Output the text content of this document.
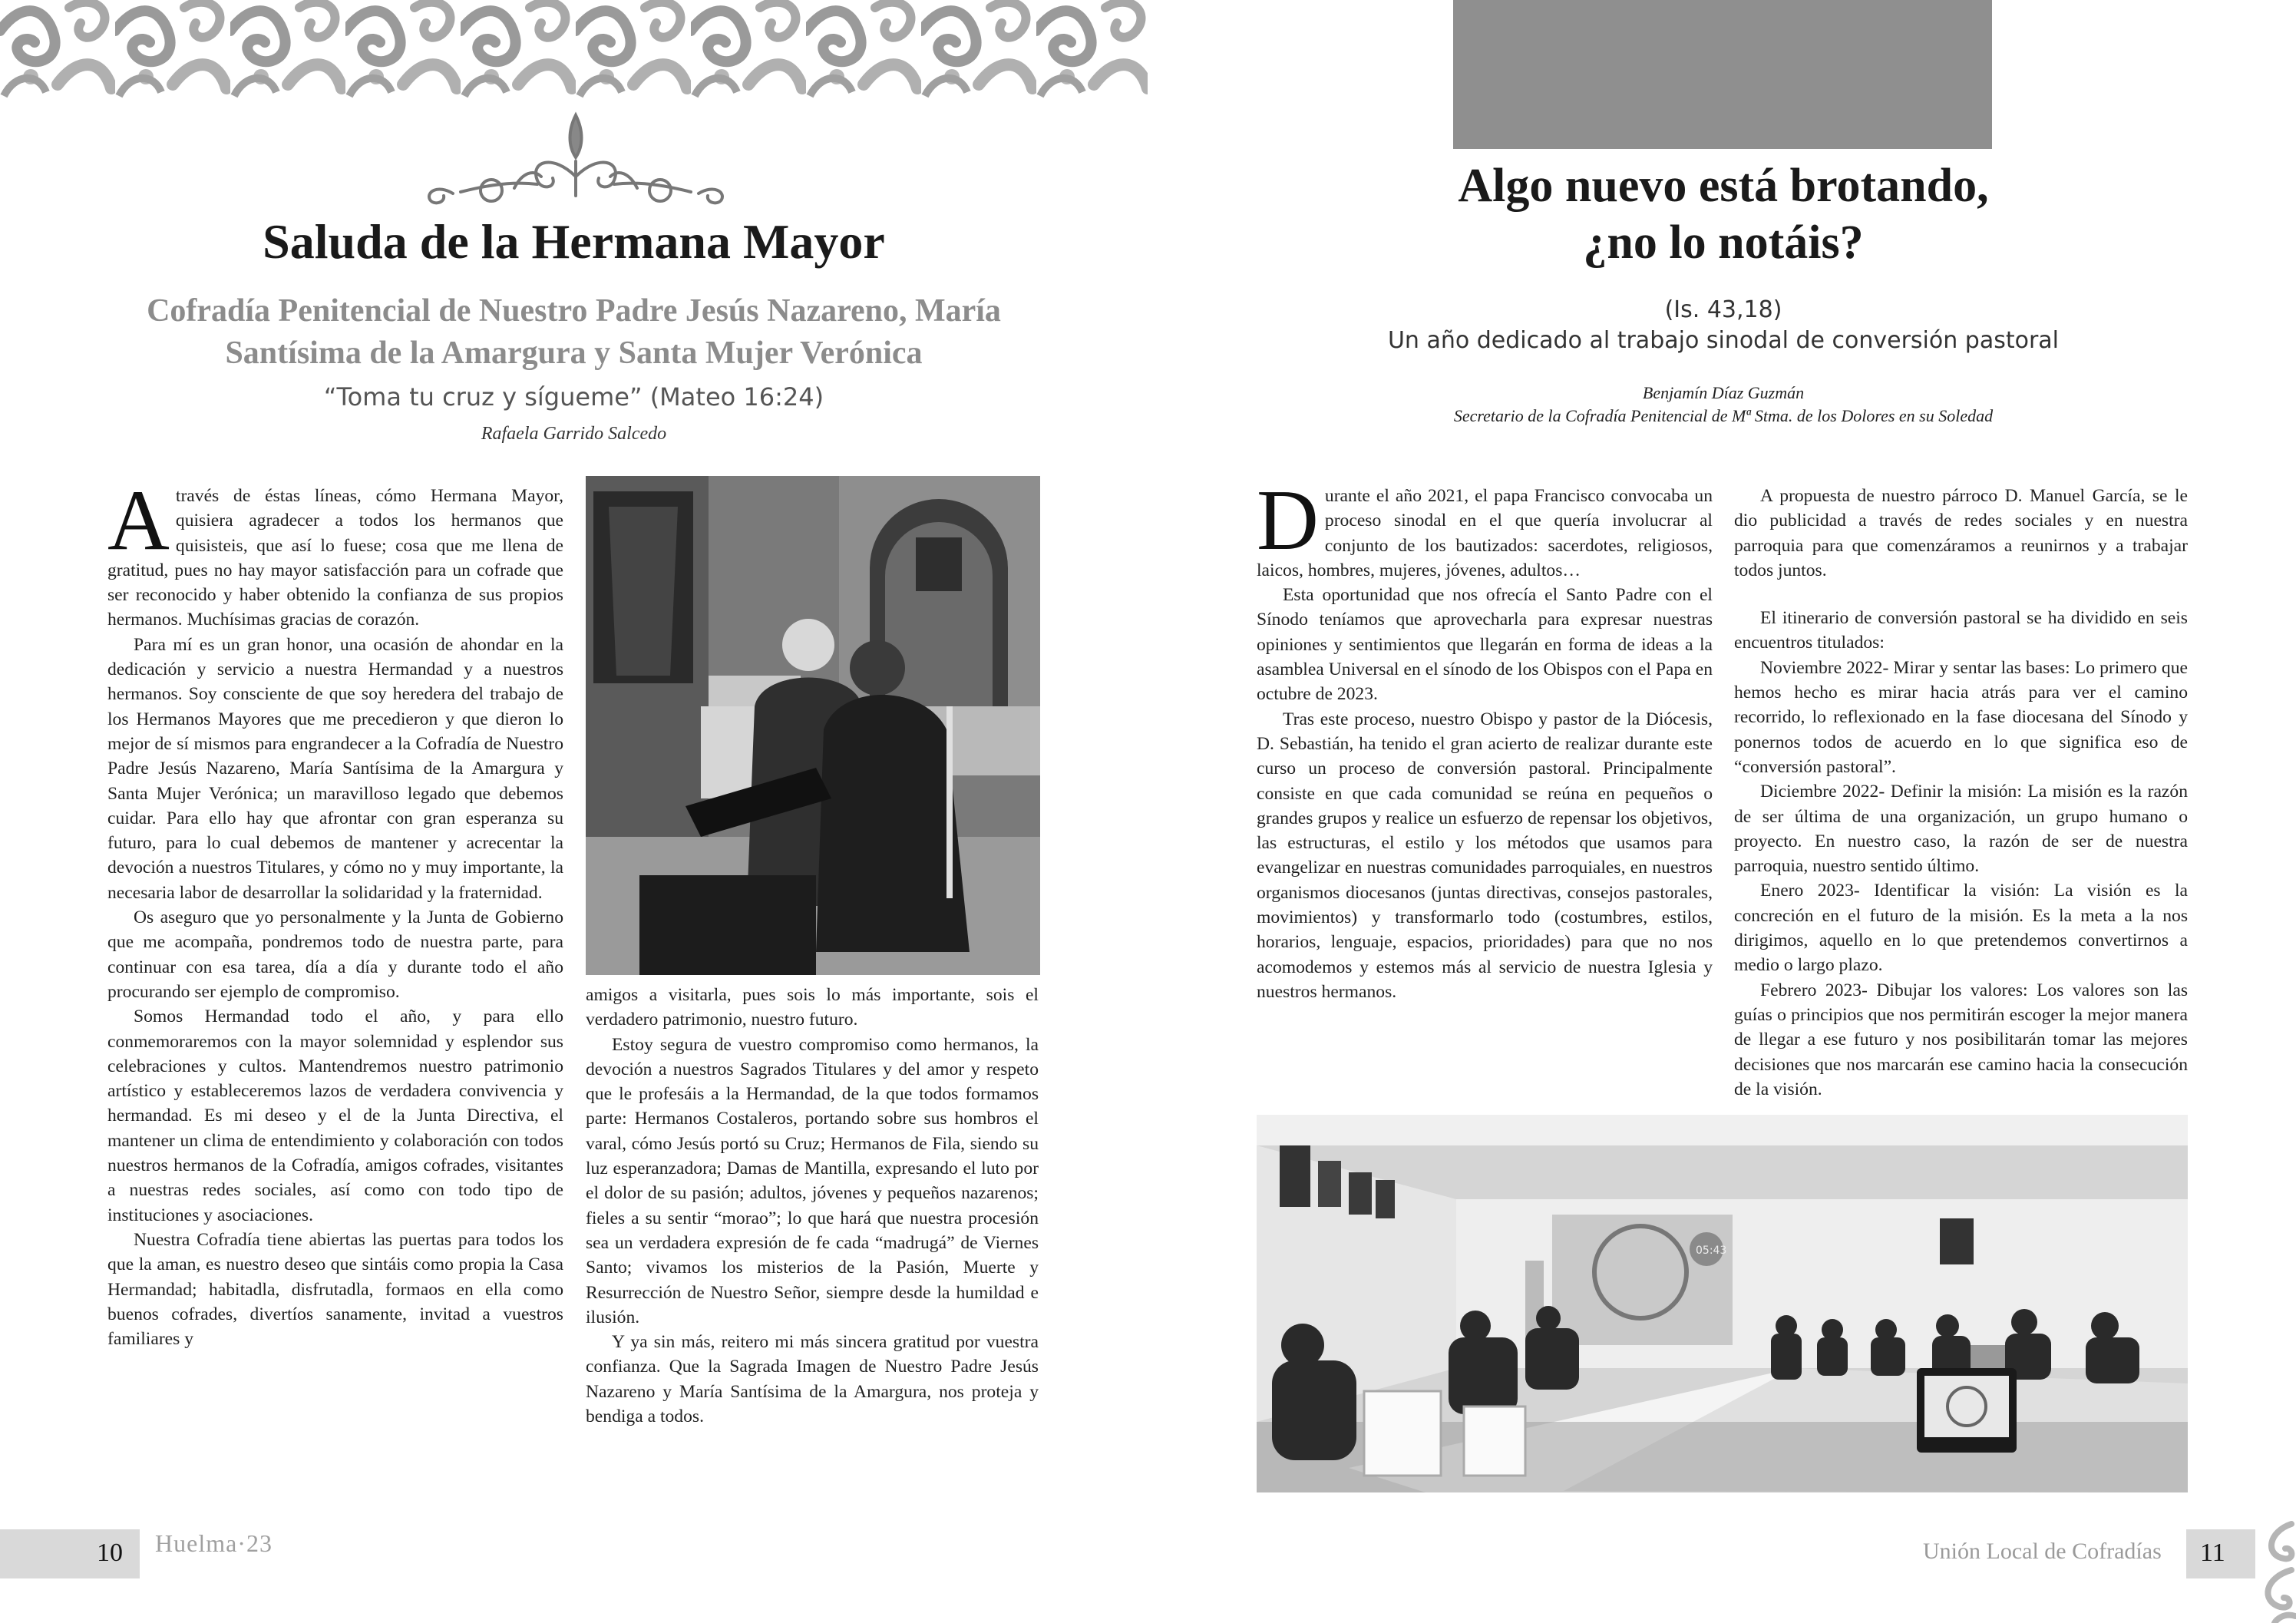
Saluda de la Hermana Mayor
Cofradía Penitencial de Nuestro Padre Jesús Nazareno, María
Santísima de la Amargura y Santa Mujer Verónica
“Toma tu cruz y sígueme” (Mateo 16:24)
Rafaela Garrido Salcedo

Através de éstas líneas, cómo Hermana Mayor, quisiera agradecer a todos los hermanos que quisisteis, que así lo fuese; cosa que me llena de gratitud, pues no hay mayor satisfacción para un cofrade que ser reconocido y haber obtenido la confianza de sus propios hermanos. Muchísimas gracias de corazón.

Para mí es un gran honor, una ocasión de ahondar en la dedicación y servicio a nuestra Hermandad y a nuestros hermanos. Soy consciente de que soy heredera del trabajo de los Hermanos Mayores que me precedieron y que dieron lo mejor de sí mismos para engrandecer a la Cofradía de Nuestro Padre Jesús Nazareno, María Santísima de la Amargura y Santa Mujer Verónica; un maravilloso legado que debemos cuidar. Para ello hay que afrontar con gran esperanza su futuro, para lo cual debemos de mantener y acrecentar la devoción a nuestros Titulares, y cómo no y muy importante, la necesaria labor de desarrollar la solidaridad y la fraternidad.

Os aseguro que yo personalmente y la Junta de Gobierno que me acompaña, pondremos todo de nuestra parte, para continuar con esa tarea, día a día y durante todo el año procurando ser ejemplo de compromiso.

Somos Hermandad todo el año, y para ello conmemoraremos con la mayor solemnidad y esplendor sus celebraciones y cultos. Mantendremos nuestro patrimonio artístico y estableceremos lazos de verdadera convivencia y hermandad. Es mi deseo y el de la Junta Directiva, el mantener un clima de entendimiento y colaboración con todos nuestros hermanos de la Cofradía, amigos cofrades, visitantes a nuestras redes sociales, así como con todo tipo de instituciones y asociaciones.

Nuestra Cofradía tiene abiertas las puertas para todos los que la aman, es nuestro deseo que sintáis como propia la Casa Hermandad; habitadla, disfrutadla, formaos en ella como buenos cofrades, divertíos sanamente, invitad a vuestros familiares y

amigos a visitarla, pues sois lo más importante, sois el verdadero patrimonio, nuestro futuro.

Estoy segura de vuestro compromiso como hermanos, la devoción a nuestros Sagrados Titulares y del amor y respeto que le profesáis a la Hermandad, de la que todos formamos parte: Hermanos Costaleros, portando sobre sus hombros el varal, cómo Jesús portó su Cruz; Hermanos de Fila, siendo su luz esperanzadora; Damas de Mantilla, expresando el luto por el dolor de su pasión; adultos, jóvenes y pequeños nazarenos; fieles a su sentir “morao”; lo que hará que nuestra procesión sea un verdadera expresión de fe cada “madrugá” de Viernes Santo; vivamos los misterios de la Pasión, Muerte y Resurrección de Nuestro Señor, siempre desde la humildad e ilusión.

Y ya sin más, reitero mi más sincera gratitud por vuestra confianza. Que la Sagrada Imagen de Nuestro Padre Jesús Nazareno y María Santísima de la Amargura, nos proteja y bendiga a todos.

10 Huelma·23
Algo nuevo está brotando,
¿no lo notáis?
(Is. 43,18)
Un año dedicado al trabajo sinodal de conversión pastoral
Benjamín Díaz Guzmán
Secretario de la Cofradía Penitencial de Mª Stma. de los Dolores en su Soledad

Durante el año 2021, el papa Francisco convocaba un proceso sinodal en el que quería involucrar al conjunto de los bautizados: sacerdotes, religiosos, laicos, hombres, mujeres, jóvenes, adultos…

Esta oportunidad que nos ofrecía el Santo Padre con el Sínodo teníamos que aprovecharla para expresar nuestras opiniones y sentimientos que llegarán en forma de ideas a la asamblea Universal en el sínodo de los Obispos con el Papa en octubre de 2023.

Tras este proceso, nuestro Obispo y pastor de la Diócesis, D. Sebastián, ha tenido el gran acierto de realizar durante este curso un proceso de conversión pastoral. Principalmente consiste en que cada comunidad se reúna en pequeños o grandes grupos y realice un esfuerzo de repensar los objetivos, las estructuras, el estilo y los métodos que usamos para evangelizar en nuestras comunidades parroquiales, en nuestros organismos diocesanos (juntas directivas, consejos pastorales, movimientos) y transformarlo todo (costumbres, estilos, horarios, lenguaje, espacios, prioridades) para que no nos acomodemos y estemos más al servicio de nuestra Iglesia y nuestros hermanos.

A propuesta de nuestro párroco D. Manuel García, se le dio publicidad a través de redes sociales y en nuestra parroquia para que comenzáramos a reunirnos y a trabajar todos juntos.

El itinerario de conversión pastoral se ha dividido en seis encuentros titulados:

Noviembre 2022- Mirar y sentar las bases: Lo primero que hemos hecho es mirar hacia atrás para ver el camino recorrido, lo reflexionado en la fase diocesana del Sínodo y ponernos todos de acuerdo en lo que significa eso de “conversión pastoral”.

Diciembre 2022- Definir la misión: La misión es la razón de ser última de una organización, un grupo humano o proyecto. En nuestro caso, la razón de ser de nuestra parroquia, nuestro sentido último.

Enero 2023- Identificar la visión: La visión es la concreción en el futuro de la misión. Es la meta a la nos dirigimos, aquello en lo que pretendemos convertirnos a medio o largo plazo.

Febrero 2023- Dibujar los valores: Los valores son las guías o principios que nos permitirán escoger la mejor manera de llegar a ese futuro y nos posibilitarán tomar las mejores decisiones que nos marcarán ese camino hacia la consecución de la visión.

05:43
11
Unión Local de Cofradías
